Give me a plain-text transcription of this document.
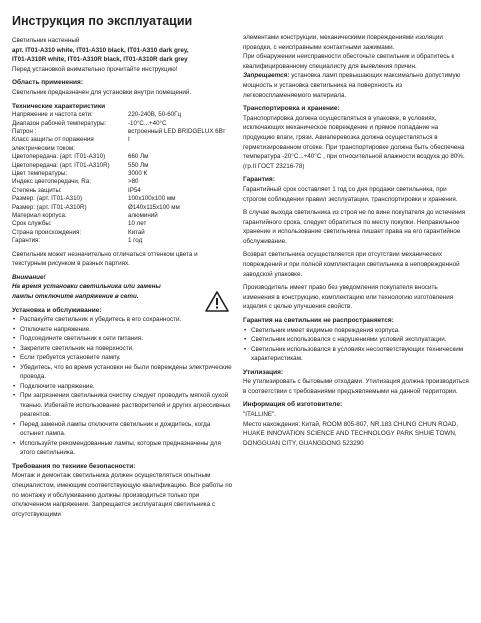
Инструкция по эксплуатации

Светильник настенный

арт. IT01-A310 white, IT01-A310 black, IT01-A310 dark grey,

IT01-A310R white, IT01-A310R black, IT01-A310R dark grey

Перед установкой внимательно прочитайте инструкцию!

Область применения:

Светильник предназначен для установки внутри помещений.

Технические характеристики

Напряжение и частота сети:	220-240В, 50-60Гц
Диапазон рабочей температуры:	-10°С...+40°С
Патрон :	встроенный LED BRIDGELUX 6Вт
Класс защиты от поражения электрическим током:	I
Цветопередача: (арт. IT01-A310)	660 Лм
Цветопередача: (арт. IT01-A310R)	550 Лм
Цвет температуры:	3000 К
Индекс цветопередачи, Ra:	>80
Степень защиты:	IP54
Размер: (арт. IT01-A310)	100x100x100 мм
Размер: (арт. IT01-A310R)	Ø140x115x100 мм
Материал корпуса:	алюминий
Срок службы:	10 лет
Страна происхождения:	Китай
Гарантия:	1 год

Светильник может незначительно отличаться оттенком цвета и текстурным рисунком в разных партиях.

Внимание!

На время установки светильника или замены лампы отключите напряжение в сети.

Установка и обслуживание:

• Распакуйте светильник и убедитесь в его сохранности.

• Отключите напряжение.

• Подсоедините светильник к сети питания.

• Закрепите светильник на поверхности.

• Если требуется установите лампу.

• Убедитесь, что во время установки не были повреждены электрические провода.

• Подключите напряжение.

• При загрязнении светильника очистку следует проводить мягкой сухой тканью. Избегайте использование растворителей и других агрессивных реагентов.

• Перед заменой лампы отключите светильник и дождитесь, когда остынет лампа.

• Используйте рекомендованные лампы, которые предназначены для этого светильника.

Требования по технике безопасности:

Монтаж и демонтаж светильника должен осуществляться опытным специалистом, имеющим соответствующую квалификацию. Все работы по по монтажу и обслуживанию должны производиться только при отключенном напряжении. Запрещается эксплуатация светильника с отсутствующими

элементами конструкции, механическими повреждениями изоляции проводки, с неисправными контактными зажимами.

При обнаружении неисправности обесточьте светильник и обратитесь к квалифицированному специалисту для выявления причин.

Запрещается: установка ламп превышающих максимально допустимую мощность и установка светильника на поверхность из легковоспламеняемого материала.

Транспортировка и хранение:

Транспортировка должна осуществляться в упаковке, в условиях, исключающих механическое повреждение и прямое попадание на продукцию влаги, грязи. Авиаперевозка должна осуществляться в герметизированном отсеке. При транспортировке должна быть обеспечена температура -20°С...+40°С , при относительной влажности воздуха до 80%. (гр.II ГОСТ 23216-78)

Гарантия:

Гарантийный срок составляет 1 год со дня продажи светильника, при строгом соблюдении правил эксплуатации, транспортировки и хранения.

В случае выхода светильника из строя не по вине покупателя до истечения гарантийного срока, следует обратиться по месту покупки. Неправильное хранение и использование светильника лишает права на его гарантийное обслуживание.

Возврат светильника осуществляется при отсутствии механических повреждений и при полной комплектации светильника в неповрежденной заводской упаковке.

Производитель имеет право без уведомления покупателя вносить изменения в конструкцию, комплектацию или технологию изготовления изделия с целью улучшения свойств.

Гарантия на светильник не распространяется:

• Светильник имеет видимые повреждения корпуса.

• Светильник использовался с нарушениями условий эксплуатации.

• Светильник использовался в условиях несоответствующих техническим характеристикам.

Утилизация:

Не утилизировать с бытовыми отходами. Утилизация должна производиться в соответствии с требованиями предъявляемыми на данной территории.

Информация об изготовителе:

"ITALLINE".

Место нахождения: Китай, ROOM 805-807, NR.183 CHUNG CHUN ROAD, HUAKE INNOVATION SCIENCE AND TECHNOLOGY PARK SHUIE TOWN, DONGGUAN CITY, GUANGDONG 523290
